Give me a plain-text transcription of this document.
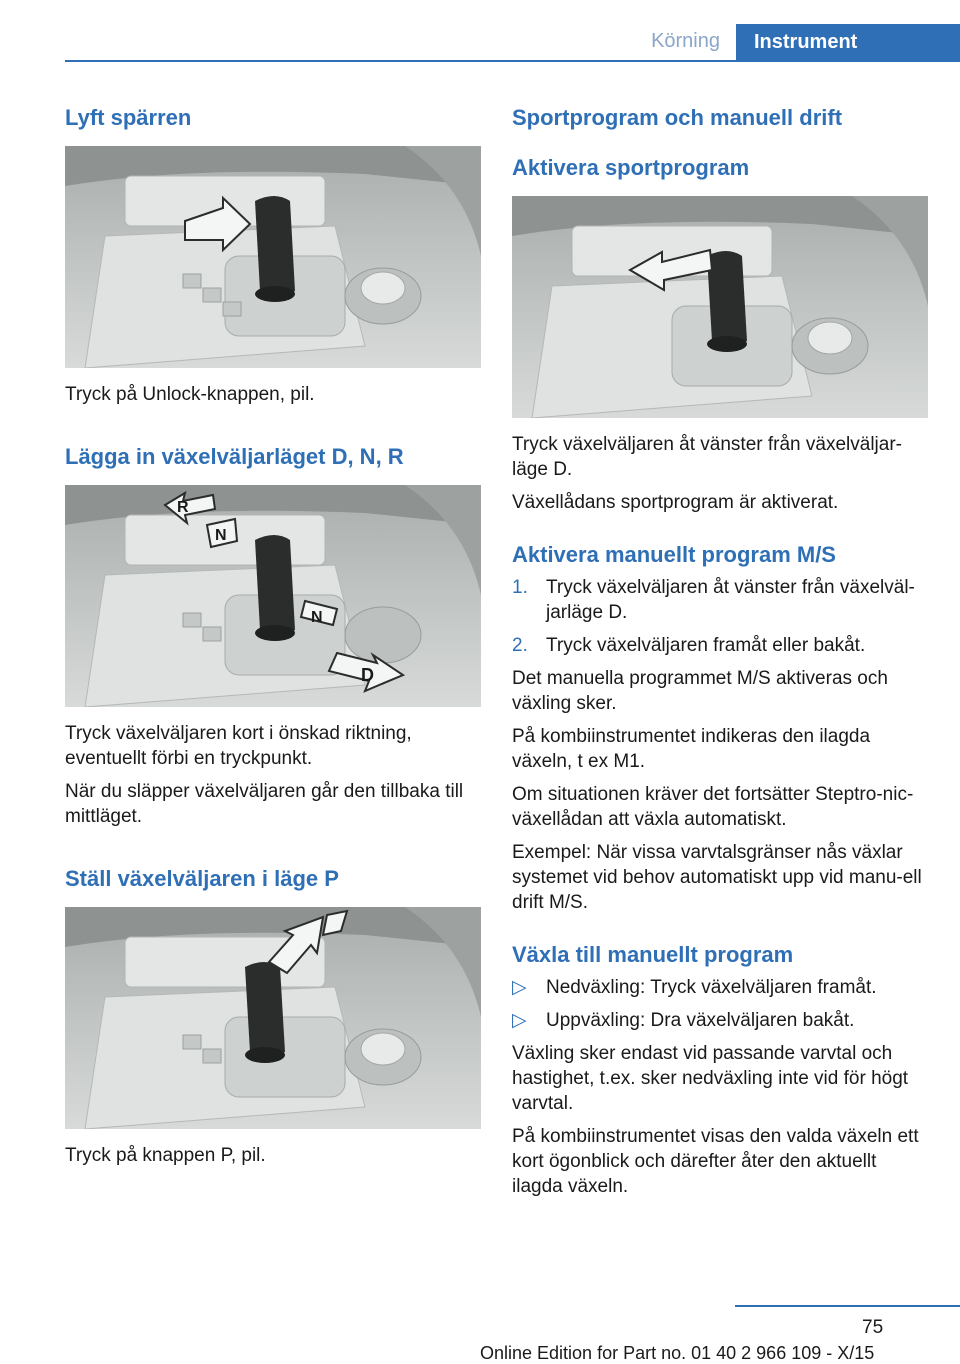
Körning	Instrument
Lyft spärren

Tryck på Unlock-knappen, pil.

Lägga in växelväljarläget D, N, R
R
N
N
D

Tryck växelväljaren kort i önskad riktning, eventuellt förbi en tryckpunkt.

När du släpper växelväljaren går den tillbaka till mittläget.

Ställ växelväljaren i läge P

Tryck på knappen P, pil.

Sportprogram och manuell drift
Aktivera sportprogram

Tryck växelväljaren åt vänster från växelväljar-läge D.

Växellådans sportprogram är aktiverat.

Aktivera manuellt program M/S
1. Tryck växelväljaren åt vänster från växelväl-jarläge D.
2. Tryck växelväljaren framåt eller bakåt.

Det manuella programmet M/S aktiveras och växling sker.

På kombiinstrumentet indikeras den ilagda växeln, t ex M1.

Om situationen kräver det fortsätter Steptro-nic-växellådan att växla automatiskt.

Exempel: När vissa varvtalsgränser nås växlar systemet vid behov automatiskt upp vid manu-ell drift M/S.

Växla till manuellt program
▷ Nedväxling: Tryck växelväljaren framåt.
▷ Uppväxling: Dra växelväljaren bakåt.

Växling sker endast vid passande varvtal och hastighet, t.ex. sker nedväxling inte vid för högt varvtal.

På kombiinstrumentet visas den valda växeln ett kort ögonblick och därefter åter den aktuellt ilagda växeln.

75
Online Edition for Part no. 01 40 2 966 109 - X/15
